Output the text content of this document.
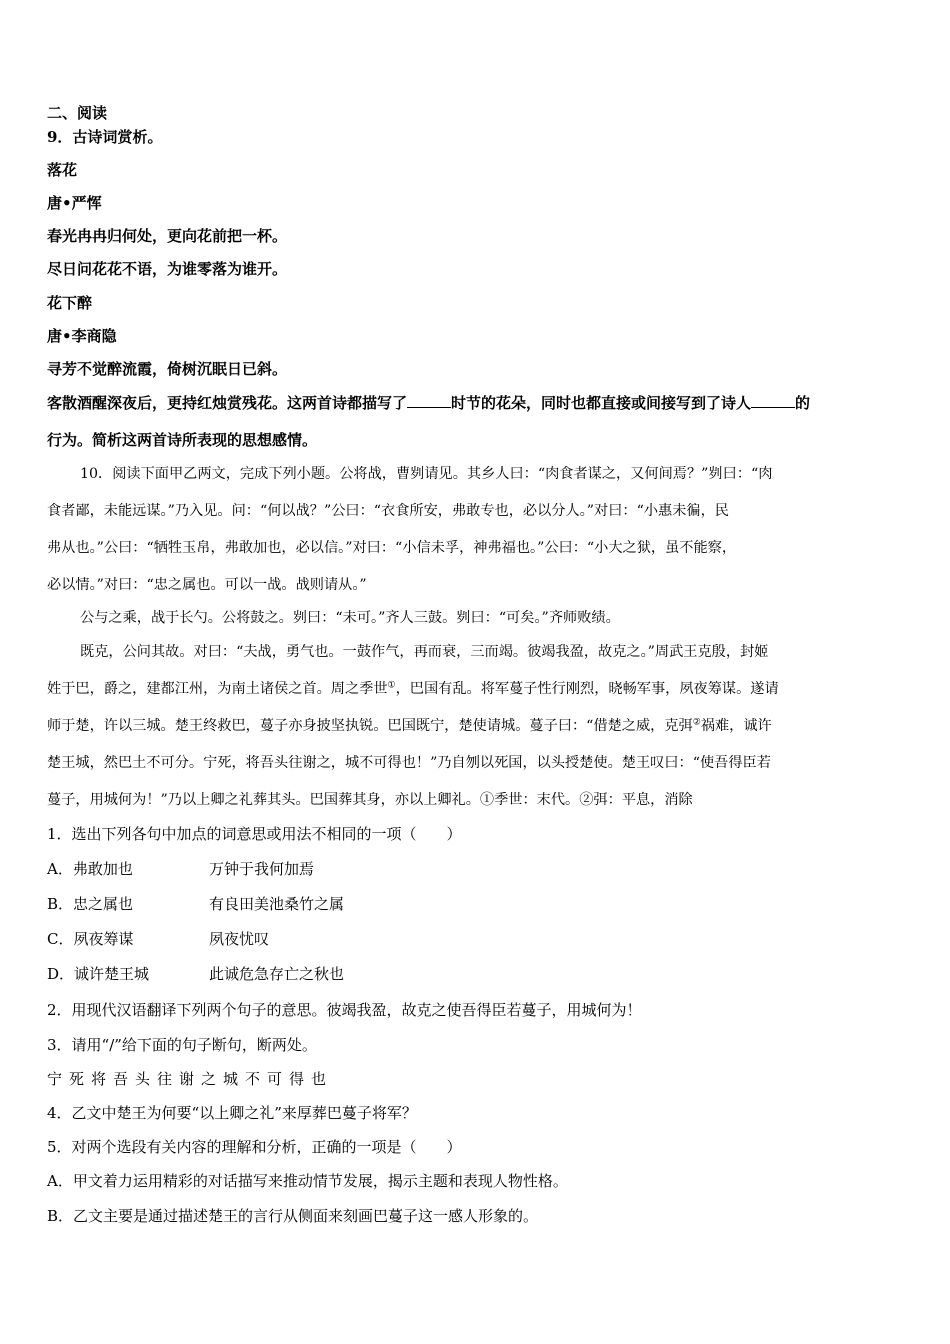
二、阅读
9．古诗词赏析。
落花
唐•严恽
春光冉冉归何处，更向花前把一杯。
尽日问花花不语，为谁零落为谁开。
花下醉
唐•李商隐
寻芳不觉醉流霞，倚树沉眠日已斜。
客散酒醒深夜后，更持红烛赏残花。这两首诗都描写了	时节的花朵，同时也都直接或间接写到了诗人	的
行为。简析这两首诗所表现的思想感情。
10．阅读下面甲乙两文，完成下列小题。公将战，曹刿请见。其乡人曰：“肉食者谋之，又何间焉？”刿曰：“肉
食者鄙，未能远谋。”乃入见。问：“何以战？”公曰：“衣食所安，弗敢专也，必以分人。”对曰：“小惠未徧，民
弗从也。”公曰：“牺牲玉帛，弗敢加也，必以信。”对曰：“小信未孚，神弗福也。”公曰：“小大之狱，虽不能察，
必以情。”对曰：“忠之属也。可以一战。战则请从。”
公与之乘，战于长勺。公将鼓之。刿曰：“未可。”齐人三鼓。刿曰：“可矣。”齐师败绩。
既克，公问其故。对曰：“夫战，勇气也。一鼓作气，再而衰，三而竭。彼竭我盈，故克之。”周武王克殷，封姬
姓于巴，爵之，建都江州，为南土诸侯之首。周之季世①，巴国有乱。将军蔓子性行刚烈，晓畅军事，夙夜筹谋。遂请
师于楚，许以三城。楚王终救巴，蔓子亦身披坚执锐。巴国既宁，楚使请城。蔓子曰：“借楚之威，克弭②祸难，诚许
楚王城，然巴土不可分。宁死，将吾头往谢之，城不可得也！”乃自刎以死国，以头授楚使。楚王叹曰：“使吾得臣若
蔓子，用城何为！”乃以上卿之礼葬其头。巴国葬其身，亦以上卿礼。①季世：末代。②弭：平息，消除
1．选出下列各句中加点的词意思或用法不相同的一项（　　）
A．弗敢加也	万钟于我何加焉
B．忠之属也	有良田美池桑竹之属
C．夙夜筹谋	夙夜忧叹
D．诚许楚王城	此诚危急存亡之秋也
2．用现代汉语翻译下列两个句子的意思。彼竭我盈，故克之使吾得臣若蔓子，用城何为！
3．请用“/”给下面的句子断句，断两处。
宁死将吾头往谢之城不可得也
4．乙文中楚王为何要“以上卿之礼”来厚葬巴蔓子将军？
5．对两个选段有关内容的理解和分析，正确的一项是（　　）
A．甲文着力运用精彩的对话描写来推动情节发展，揭示主题和表现人物性格。
B．乙文主要是通过描述楚王的言行从侧面来刻画巴蔓子这一感人形象的。
